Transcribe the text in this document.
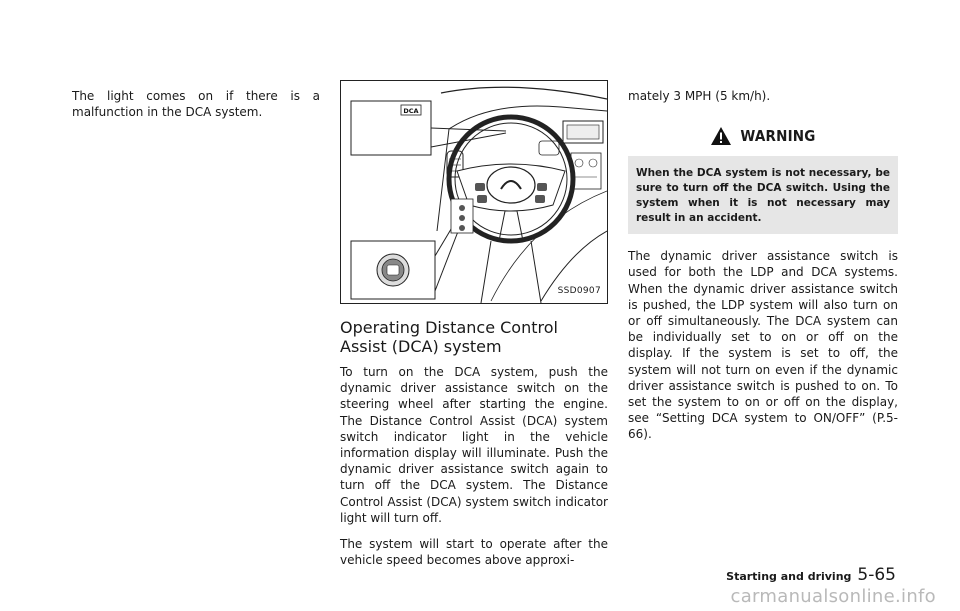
The light comes on if there is a malfunction in the DCA system.	DCA
SSD0907
Operating Distance Control Assist (DCA) system

To turn on the DCA system, push the dynamic driver assistance switch on the steering wheel after starting the engine. The Distance Control Assist (DCA) system switch indicator light in the vehicle information display will illuminate. Push the dynamic driver assistance switch again to turn off the DCA system. The Distance Control Assist (DCA) system switch indicator light will turn off.

The system will start to operate after the vehicle speed becomes above approxi-

mately 3 MPH (5 km/h).

WARNING
When the DCA system is not necessary, be sure to turn off the DCA switch. Using the system when it is not necessary may result in an accident.

The dynamic driver assistance switch is used for both the LDP and DCA systems. When the dynamic driver assistance switch is pushed, the LDP system will also turn on or off simultaneously. The DCA system can be individually set to on or off on the display. If the system is set to off, the system will not turn on even if the dynamic driver assistance switch is pushed to on. To set the system to on or off on the display, see “Setting DCA system to ON/OFF” (P.5-66).

Starting and driving 5-65
carmanualsonline.info
